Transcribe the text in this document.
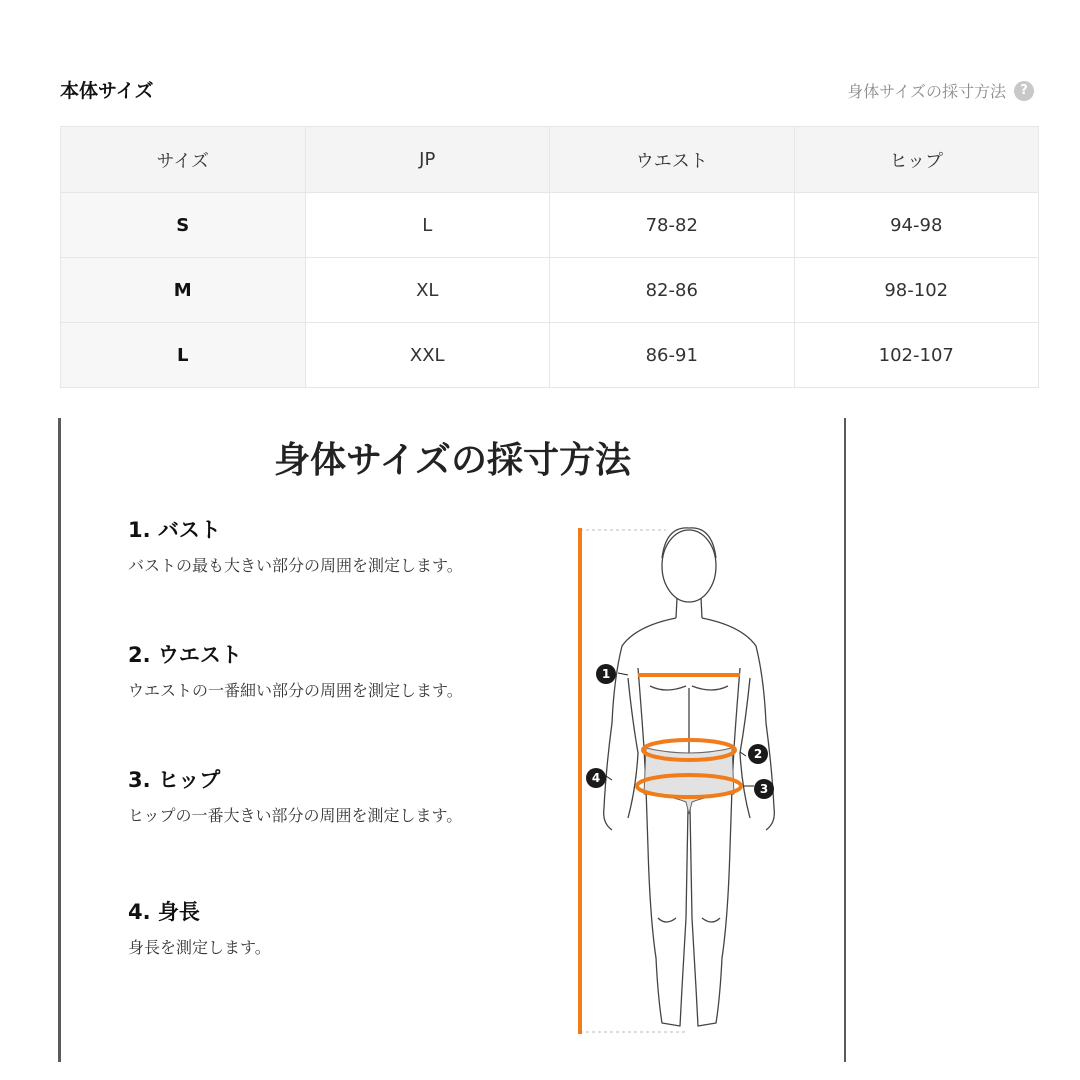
本体サイズ	身体サイズの採寸方法	?
サイズ	JP	ウエスト	ヒップ
S	L	78-82	94-98
M	XL	82-86	98-102
L	XXL	86-91	102-107
身体サイズの採寸方法
1. バスト
バストの最も大きい部分の周囲を測定します。
2. ウエスト
ウエストの一番細い部分の周囲を測定します。
3. ヒップ
ヒップの一番大きい部分の周囲を測定します。
4. 身長
身長を測定します。
1
2
3
4
